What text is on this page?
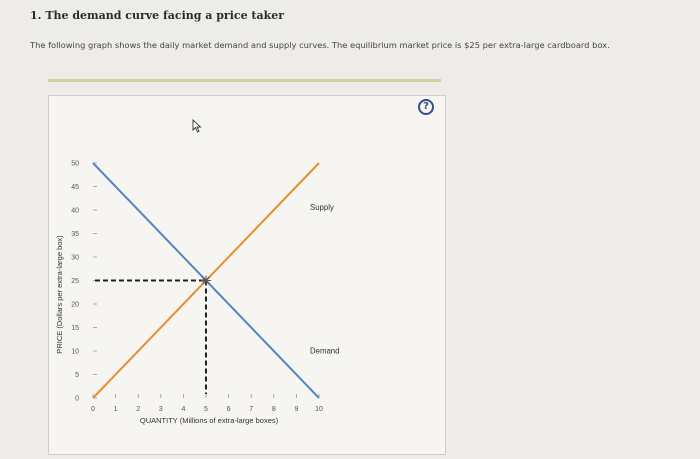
1. The demand curve facing a price taker
The following graph shows the daily market demand and supply curves. The equilibrium market price is $25 per extra-large cardboard box.
?
0
5
10
15
20
25
30
35
40
45
50
0	1	2	3	4	5	6	7	8	9 10
PRICE (Dollars per extra-large box)
QUANTITY (Millions of extra-large boxes)
Supply
Demand
